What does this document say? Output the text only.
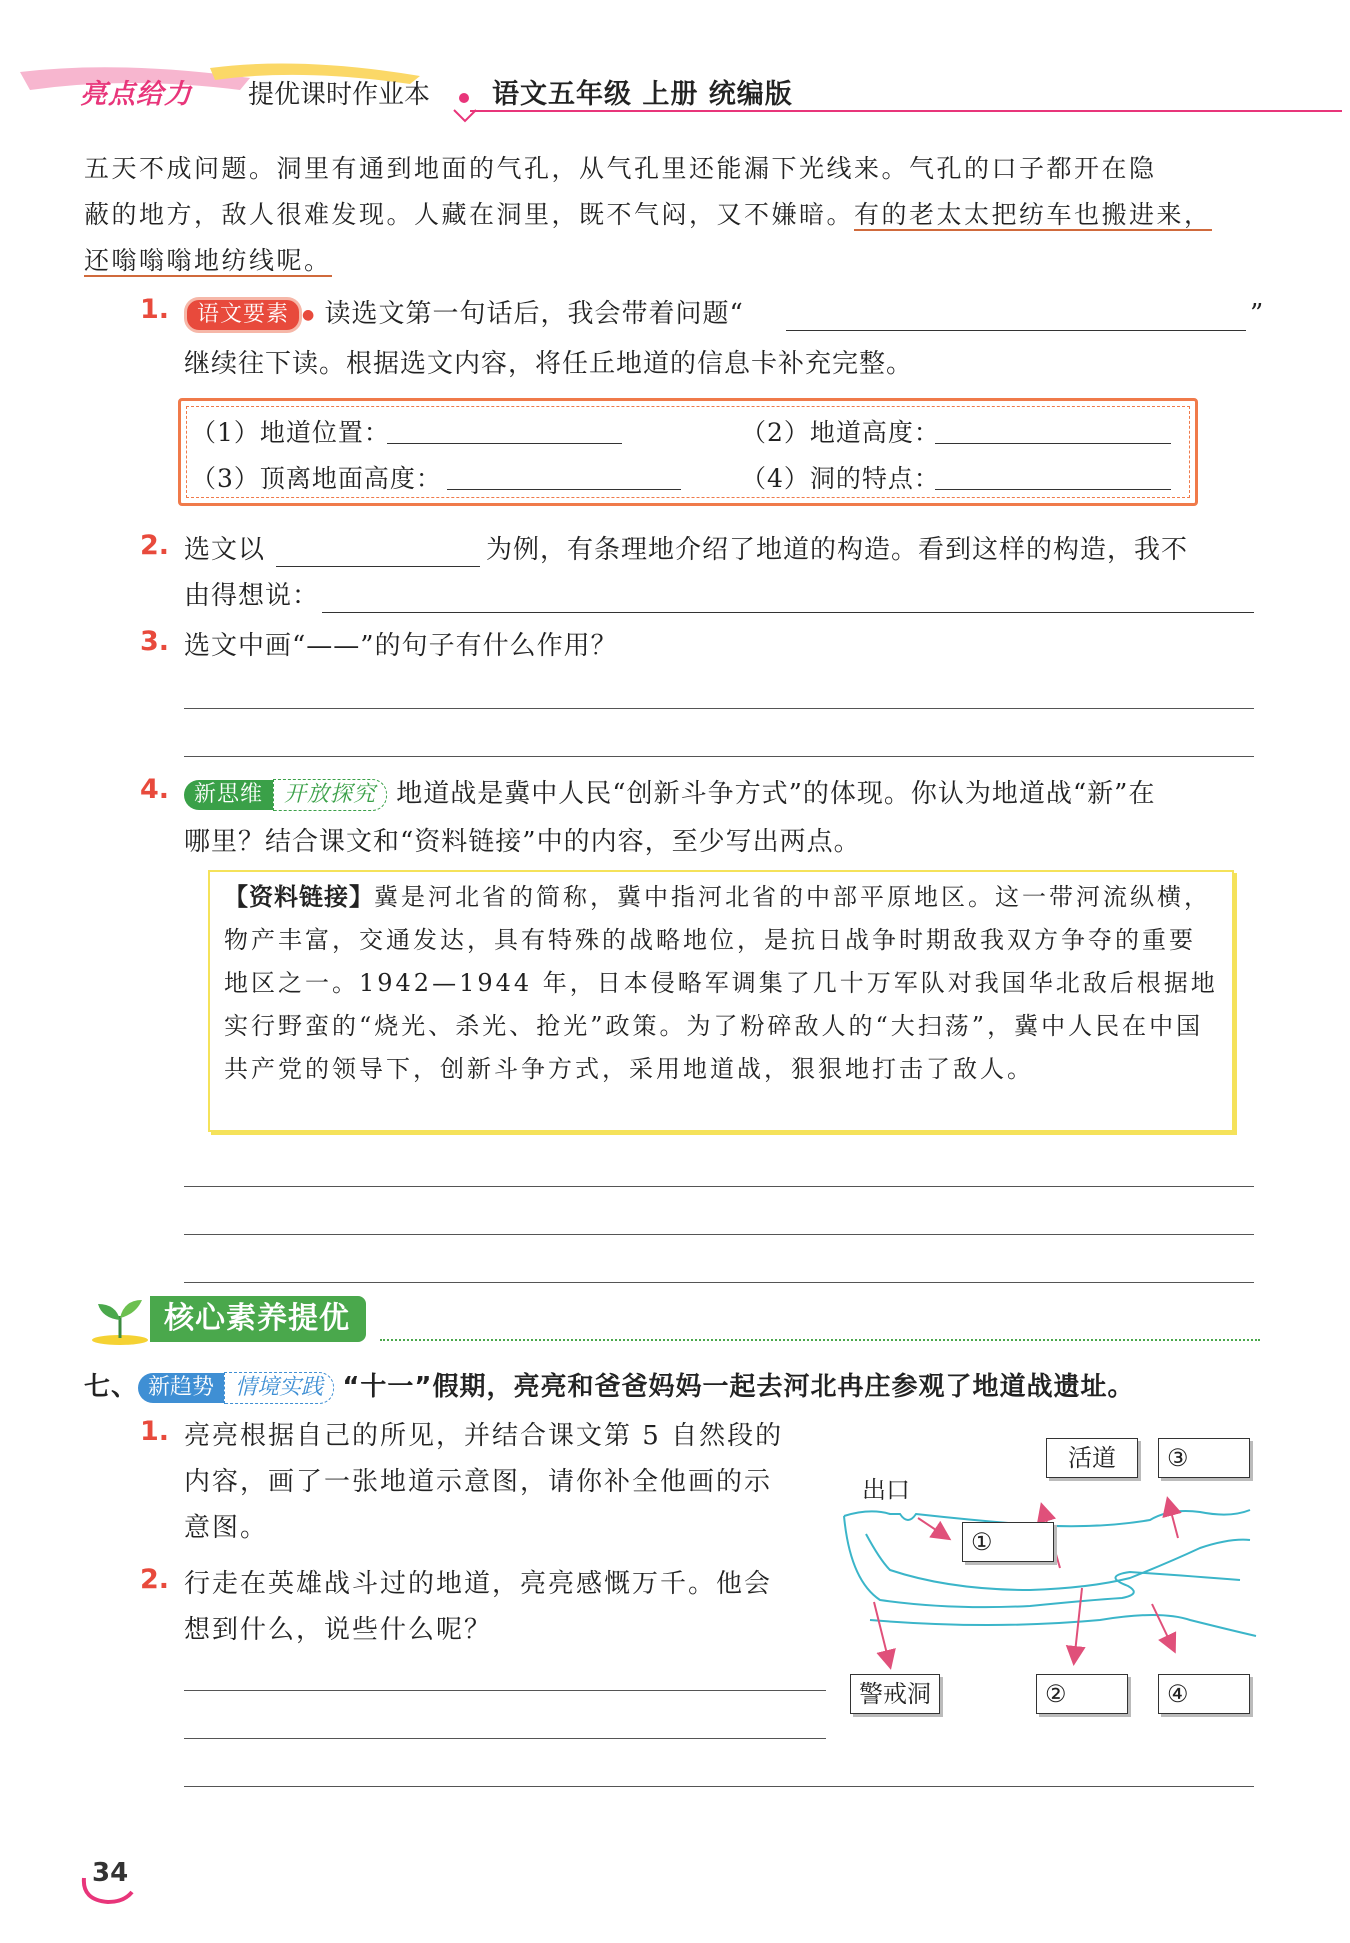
亮点给力 提优课时作业本 语文五年级 上册 统编版
五天不成问题。洞里有通到地面的气孔，从气孔里还能漏下光线来。气孔的口子都开在隐
蔽的地方，敌人很难发现。人藏在洞里，既不气闷，又不嫌暗。有的老太太把纺车也搬进来，
还嗡嗡嗡地纺线呢。
1.	语文要素 ● 读选文第一句话后，我会带着问题“	”
继续往下读。根据选文内容，将任丘地道的信息卡补充完整。
（1）地道位置：	（2）地道高度：
（3）顶离地面高度：	（4）洞的特点：
2. 选文以	为例，有条理地介绍了地道的构造。看到这样的构造，我不
由得想说：
3. 选文中画“——”的句子有什么作用？
4.	新思维 开放探究 地道战是冀中人民“创新斗争方式”的体现。你认为地道战“新”在
哪里？结合课文和“资料链接”中的内容，至少写出两点。
【资料链接】冀是河北省的简称，冀中指河北省的中部平原地区。这一带河流纵横，物产丰富，交通发达，具有特殊的战略地位，是抗日战争时期敌我双方争夺的重要地区之一。1942—1944 年，日本侵略军调集了几十万军队对我国华北敌后根据地实行野蛮的“烧光、杀光、抢光”政策。为了粉碎敌人的“大扫荡”，冀中人民在中国共产党的领导下，创新斗争方式，采用地道战，狠狠地打击了敌人。
核心素养提优
七、 新趋势 情境实践 “十一”假期，亮亮和爸爸妈妈一起去河北冉庄参观了地道战遗址。
1. 亮亮根据自己的所见，并结合课文第 5 自然段的
内容，画了一张地道示意图，请你补全他画的示
意图。
2. 行走在英雄战斗过的地道，亮亮感慨万千。他会
想到什么，说些什么呢？
出口
活道	③
①
警戒洞	②	④
34
